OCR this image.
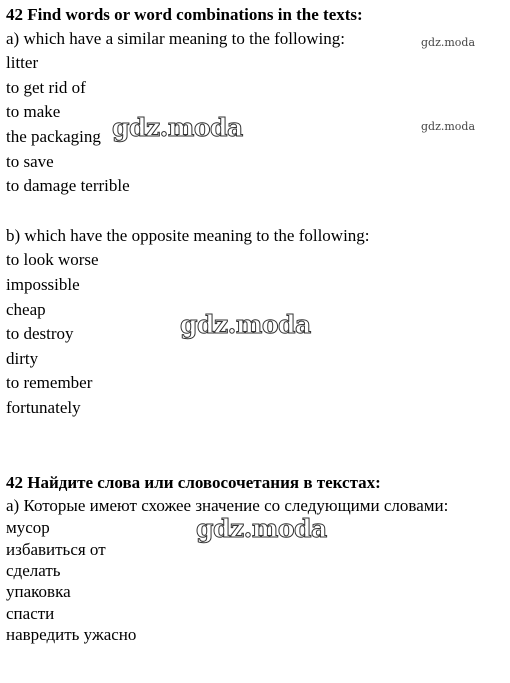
42 Find words or word combinations in the texts:
a) which have a similar meaning to the following:
litter
to get rid of
to make
the packaging
to save
to damage terrible
b) which have the opposite meaning to the following:
to look worse
impossible
cheap
to destroy
dirty
to remember
fortunately
42 Найдите слова или словосочетания в текстах:
а) Которые имеют схожее значение со следующими словами:
мусор
избавиться от
сделать
упаковка
спасти
навредить ужасно
gdz.moda
gdz.moda
gdz.moda
gdz.moda
gdz.moda
